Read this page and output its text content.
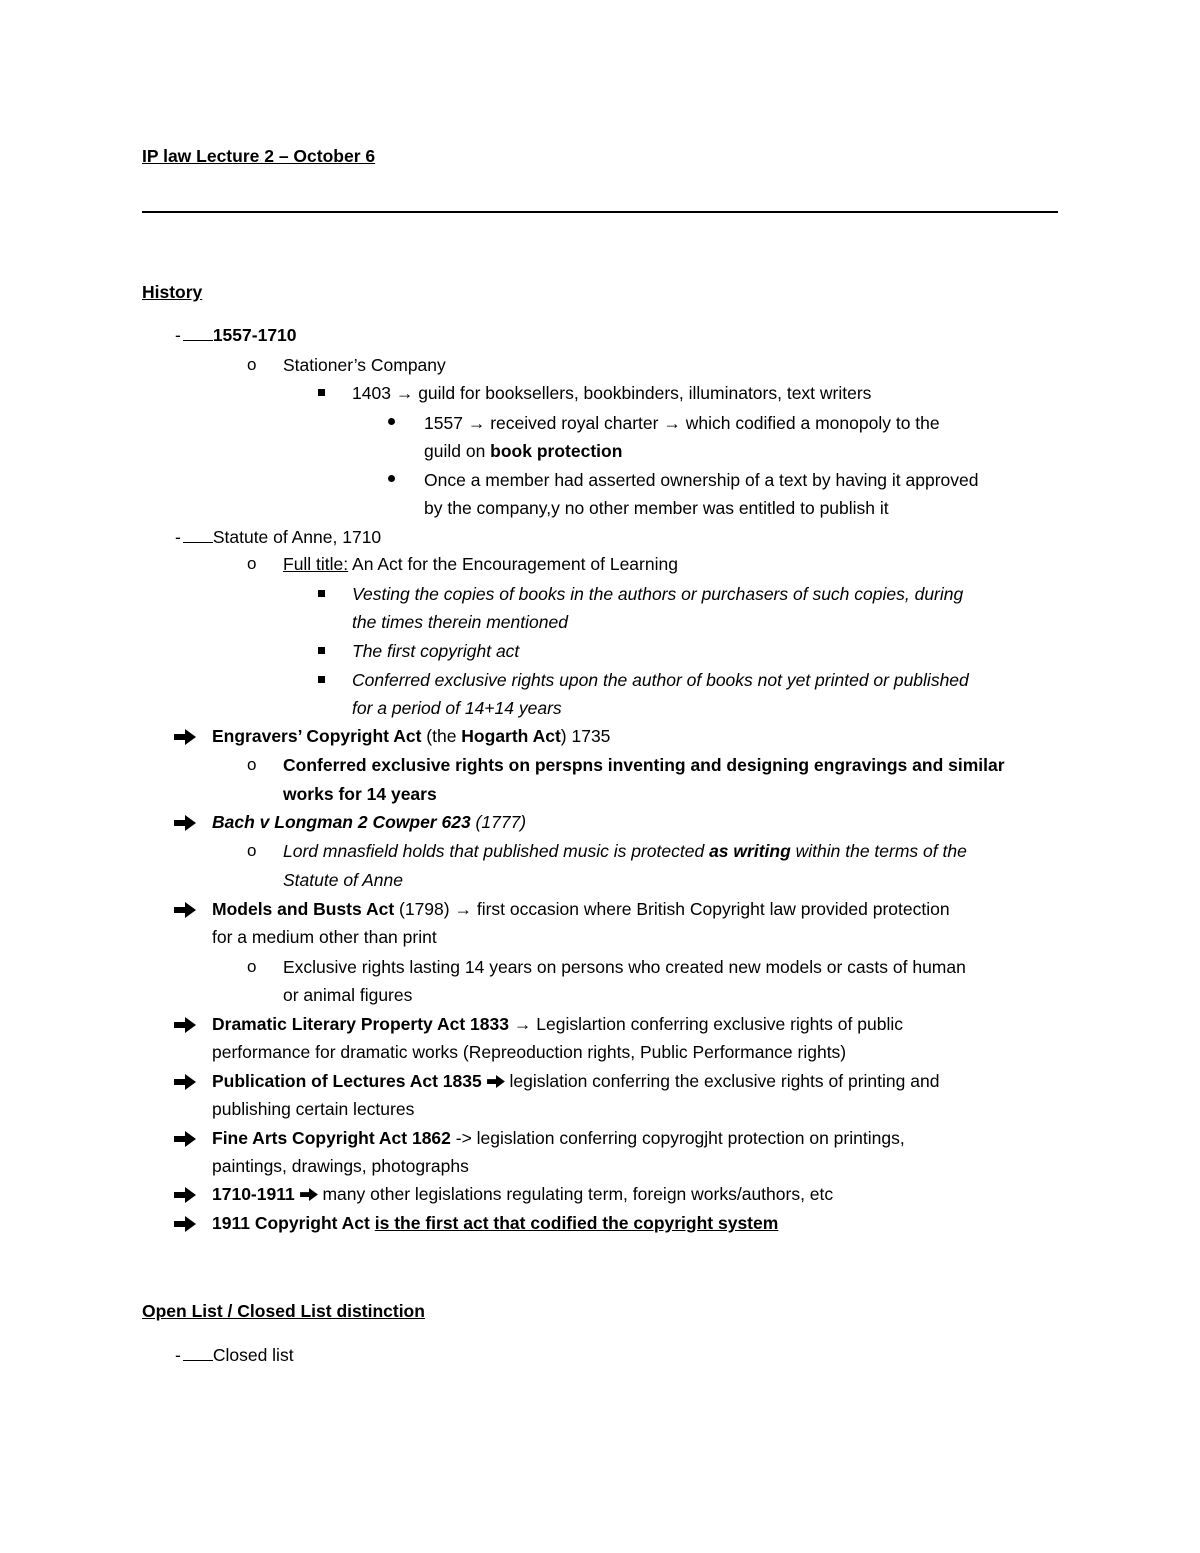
IP law Lecture 2 – October 6
History
- 1557-1710
o Stationer’s Company
1403 → guild for booksellers, bookbinders, illuminators, text writers
1557 → received royal charter → which codified a monopoly to the
guild on book protection
Once a member had asserted ownership of a text by having it approved
by the company,y no other member was entitled to publish it
- Statute of Anne, 1710
o Full title: An Act for the Encouragement of Learning
Vesting the copies of books in the authors or purchasers of such copies, during
the times therein mentioned
The first copyright act
Conferred exclusive rights upon the author of books not yet printed or published
for a period of 14+14 years
Engravers’ Copyright Act (the Hogarth Act) 1735
o Conferred exclusive rights on perspns inventing and designing engravings and similar
works for 14 years
Bach v Longman 2 Cowper 623 (1777)
o Lord mnasfield holds that published music is protected as writing within the terms of the
Statute of Anne
Models and Busts Act (1798) → first occasion where British Copyright law provided protection
for a medium other than print
o Exclusive rights lasting 14 years on persons who created new models or casts of human
or animal figures
Dramatic Literary Property Act 1833 → Legislartion conferring exclusive rights of public
performance for dramatic works (Repreoduction rights, Public Performance rights)
Publication of Lectures Act 1835 legislation conferring the exclusive rights of printing and
publishing certain lectures
Fine Arts Copyright Act 1862 -> legislation conferring copyrogjht protection on printings,
paintings, drawings, photographs
1710-1911 many other legislations regulating term, foreign works/authors, etc
1911 Copyright Act is the first act that codified the copyright system
Open List / Closed List distinction
- Closed list
